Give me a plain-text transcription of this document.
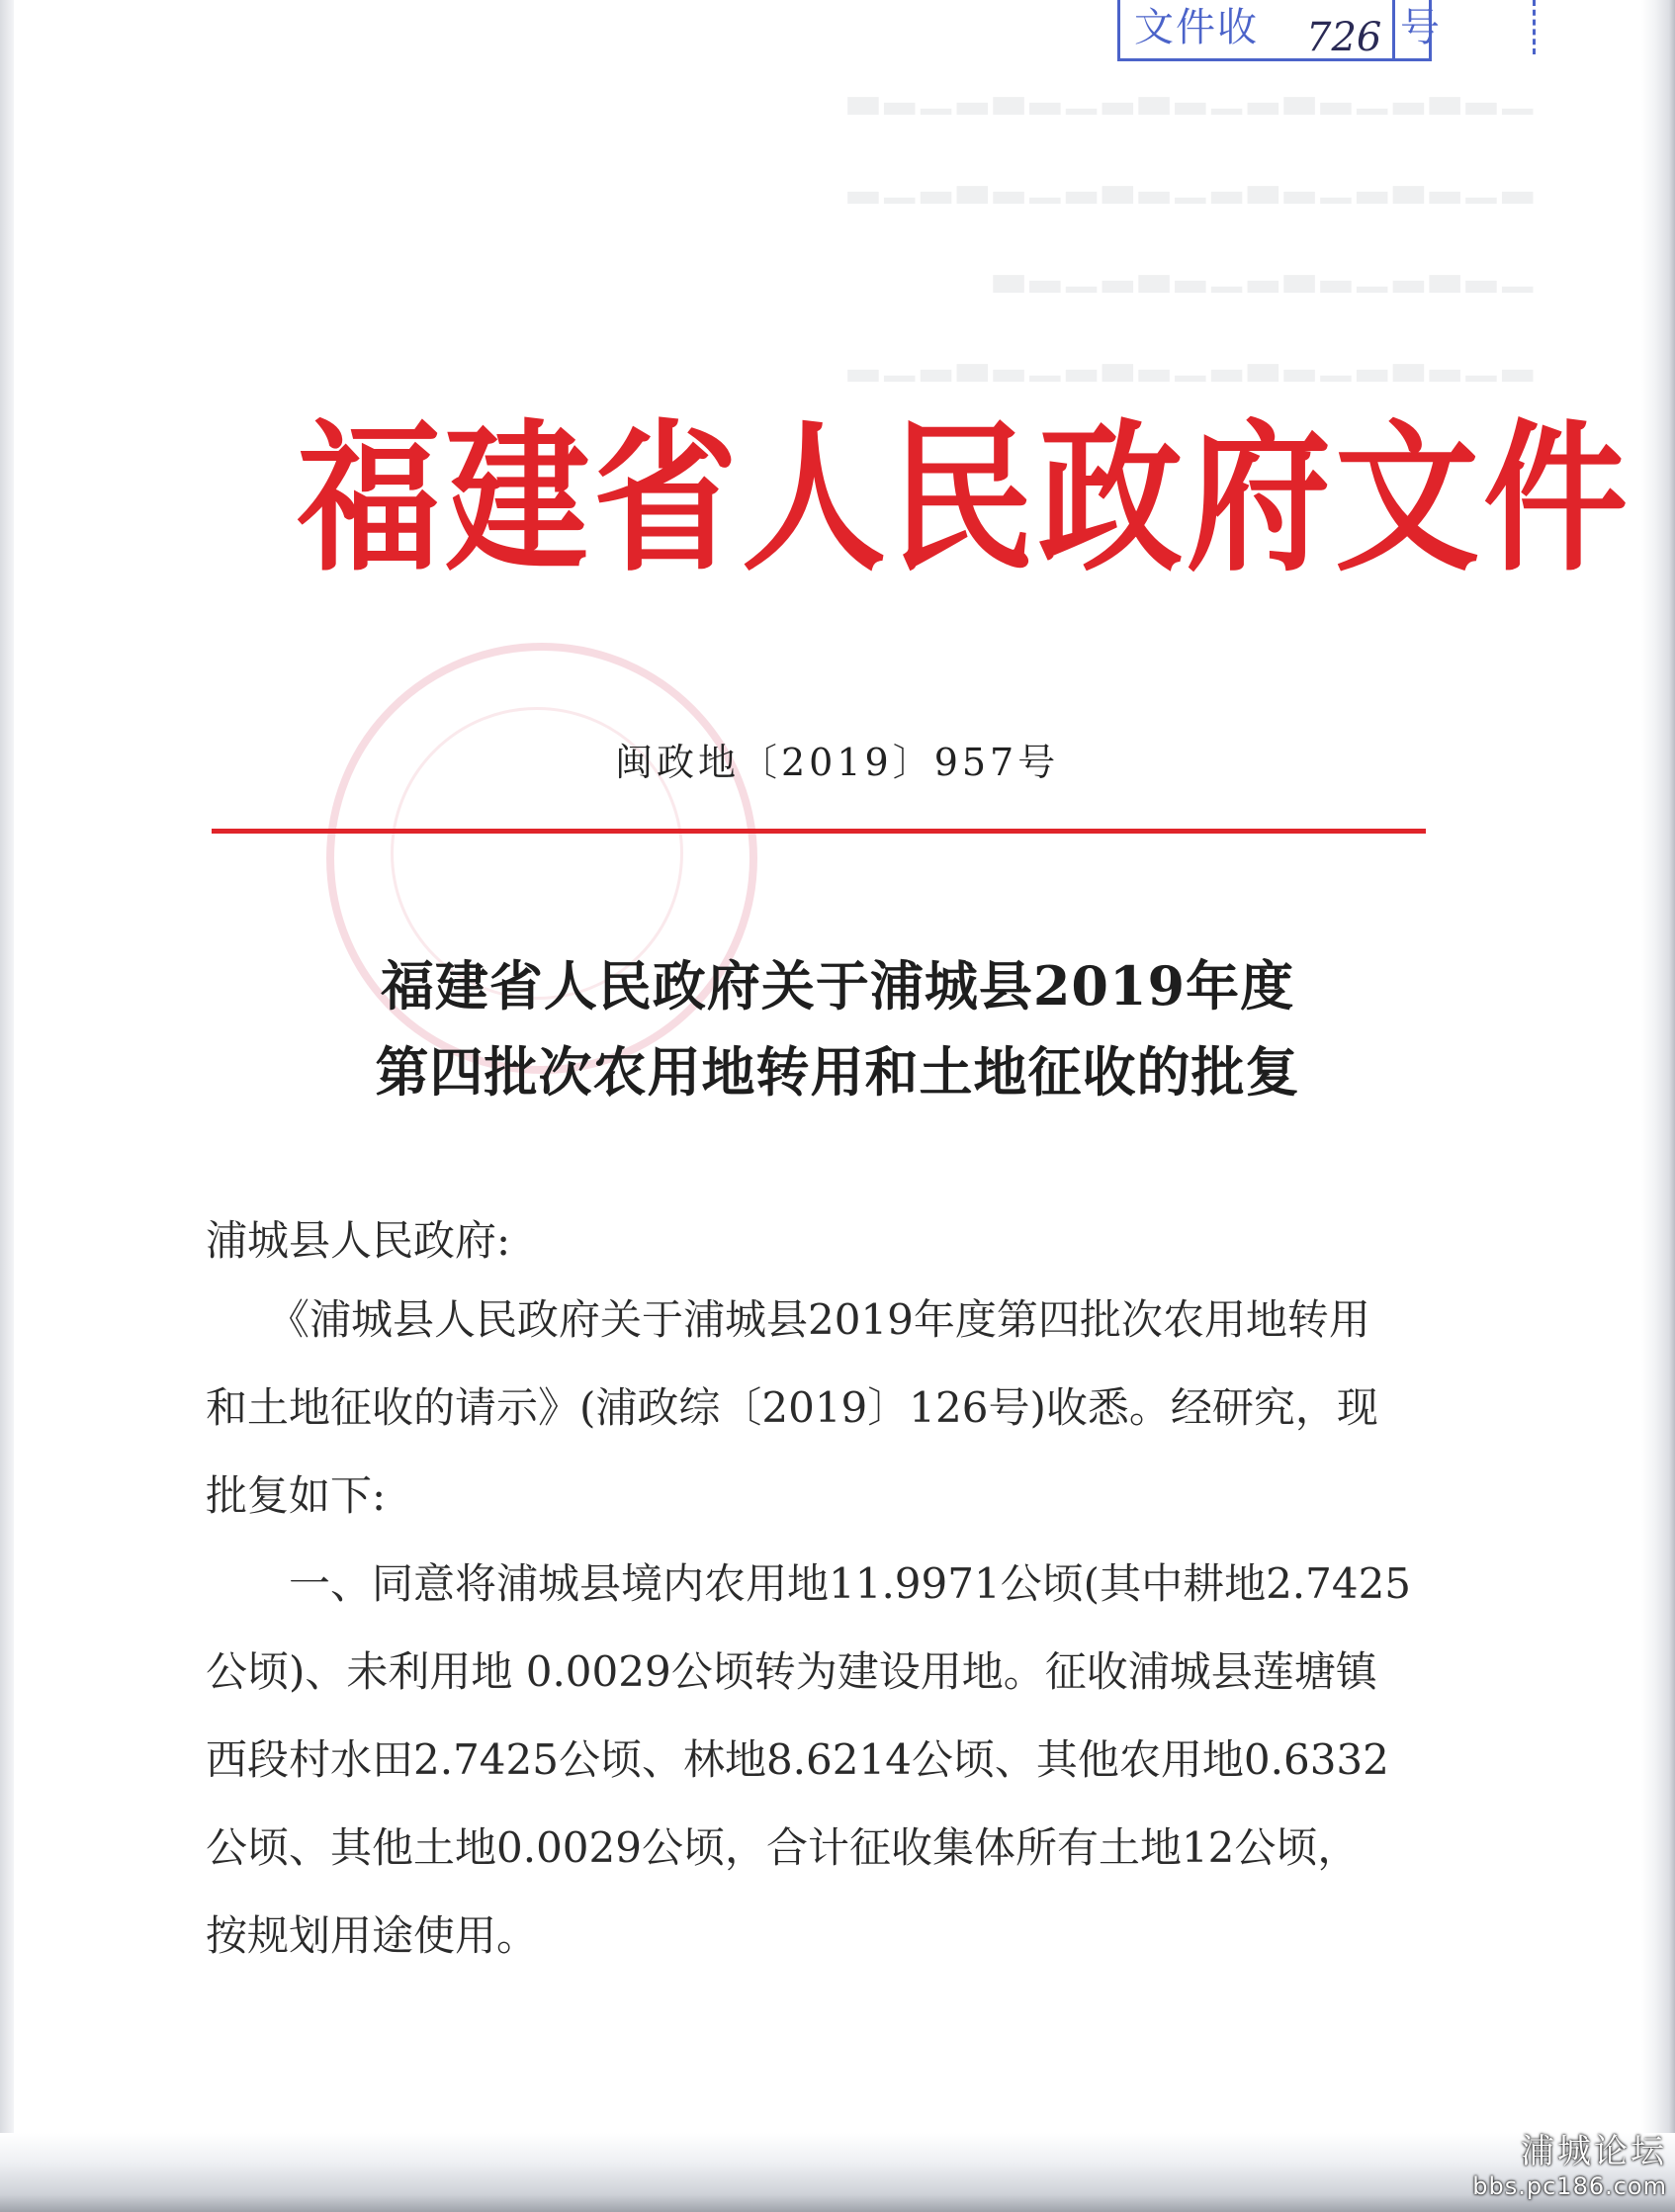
▁▂▃▂▁▂▃▂▁▂▃▂▁▂▃▂▁▂▃
▂▁▂▃▂▁▂▃▂▁▂▃▂▁▂▃▂▁▂
▁▂▃▂▁▂▃▂▁▂▃▂▁▂▃
▂▁▂▃▂▁▂▃▂▁▂▃▂▁▂▃▂▁▂
文件收 726 号
福建省人民政府文件
闽政地〔2019〕957号
福建省人民政府关于浦城县2019年度
第四批次农用地转用和土地征收的批复
浦城县人民政府:
　　《浦城县人民政府关于浦城县2019年度第四批次农用地转用
和土地征收的请示》(浦政综〔2019〕126号)收悉。经研究，现
批复如下:
　　一、同意将浦城县境内农用地11.9971公顷(其中耕地2.7425
公顷)、未利用地 0.0029公顷转为建设用地。征收浦城县莲塘镇
西段村水田2.7425公顷、林地8.6214公顷、其他农用地0.6332
公顷、其他土地0.0029公顷，合计征收集体所有土地12公顷，
按规划用途使用。
浦城论坛
bbs.pc186.com
